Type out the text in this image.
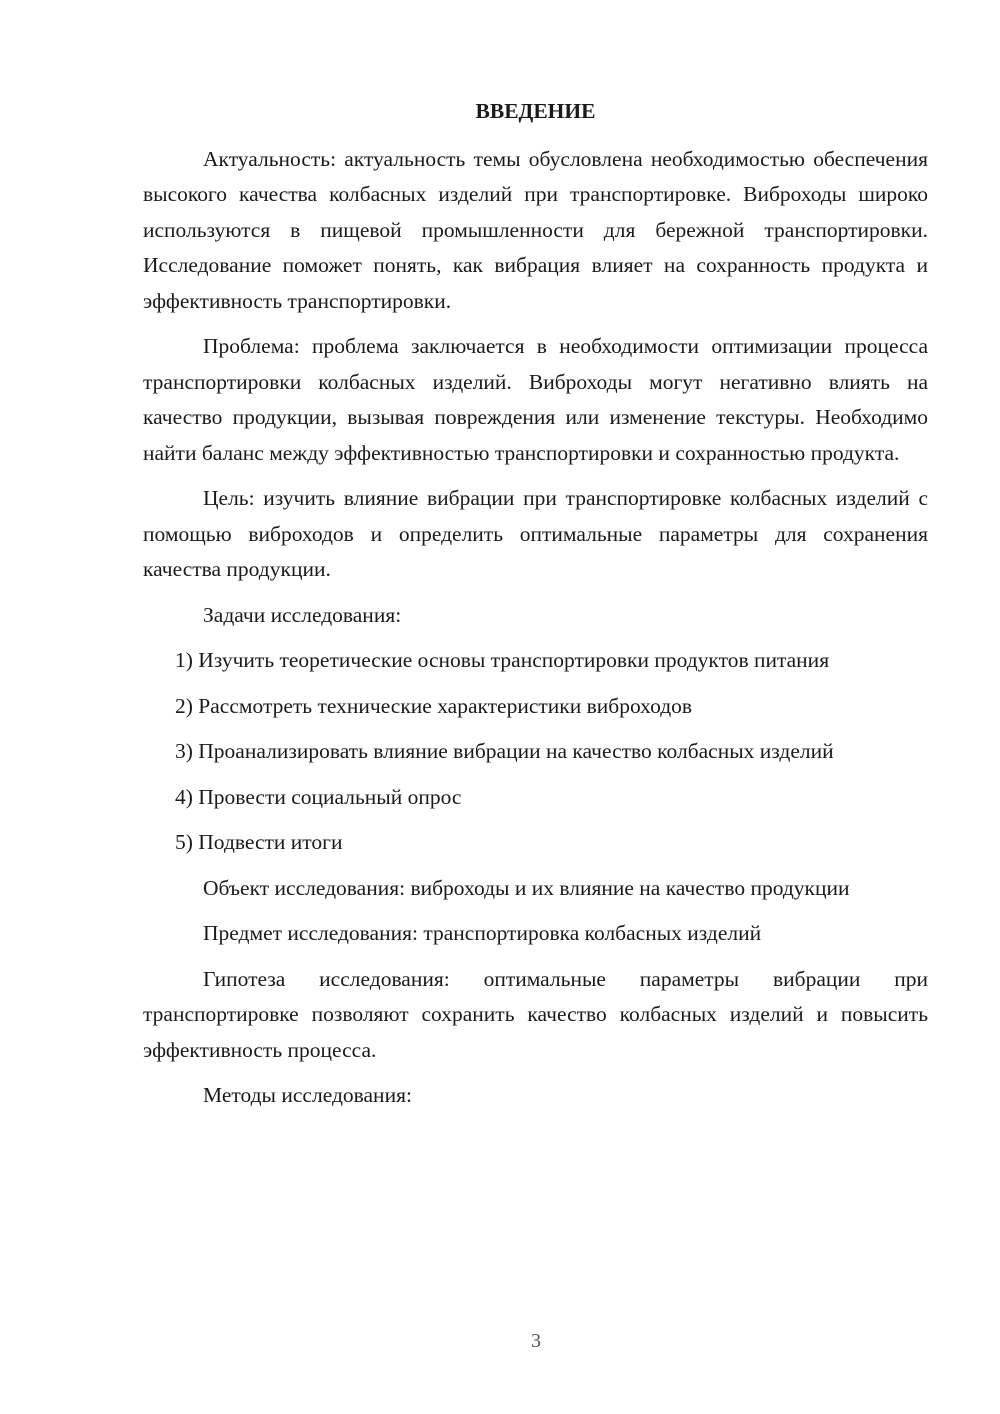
ВВЕДЕНИЕ
Актуальность: актуальность темы обусловлена необходимостью обеспечения высокого качества колбасных изделий при транспортировке. Виброходы широко используются в пищевой промышленности для бережной транспортировки. Исследование поможет понять, как вибрация влияет на сохранность продукта и эффективность транспортировки.
Проблема: проблема заключается в необходимости оптимизации процесса транспортировки колбасных изделий. Виброходы могут негативно влиять на качество продукции, вызывая повреждения или изменение текстуры. Необходимо найти баланс между эффективностью транспортировки и сохранностью продукта.
Цель: изучить влияние вибрации при транспортировке колбасных изделий с помощью виброходов и определить оптимальные параметры для сохранения качества продукции.
Задачи исследования:
1) Изучить теоретические основы транспортировки продуктов питания
2) Рассмотреть технические характеристики виброходов
3) Проанализировать влияние вибрации на качество колбасных изделий
4) Провести социальный опрос
5) Подвести итоги
Объект исследования: виброходы и их влияние на качество продукции
Предмет исследования: транспортировка колбасных изделий
Гипотеза исследования: оптимальные параметры вибрации при транспортировке позволяют сохранить качество колбасных изделий и повысить эффективность процесса.
Методы исследования:
3
